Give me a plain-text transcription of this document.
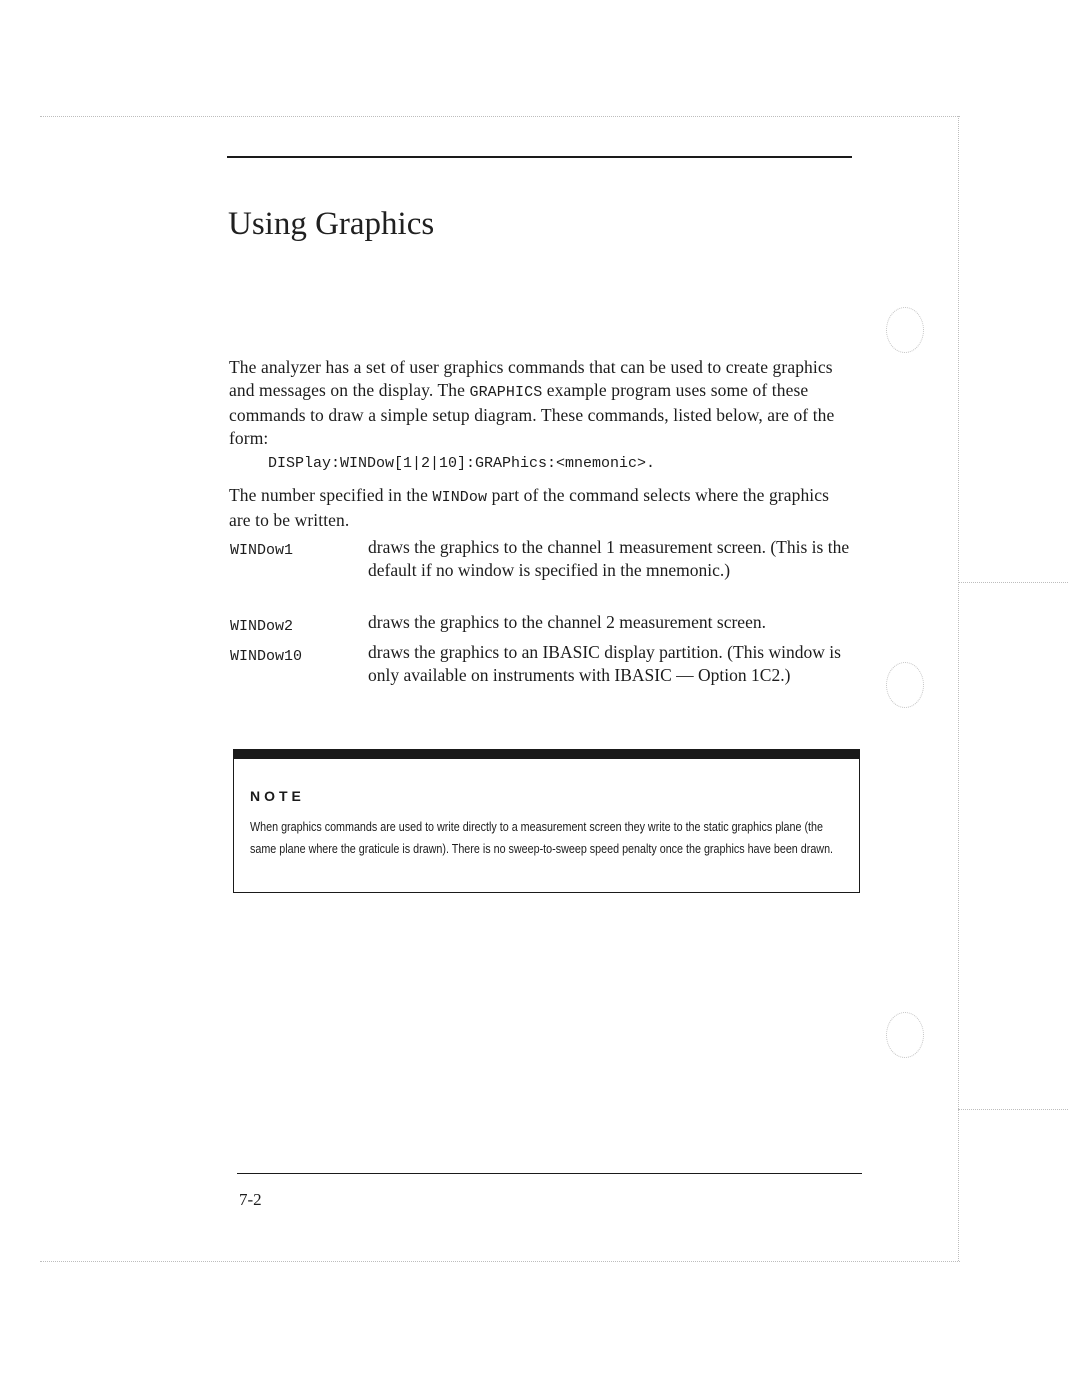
Using Graphics
The analyzer has a set of user graphics commands that can be used to create graphics and messages on the display. The GRAPHICS example program uses some of these commands to draw a simple setup diagram. These commands, listed below, are of the form:
DISPlay:WINDow[1|2|10]:GRAPhics:<mnemonic>.
The number specified in the WINDow part of the command selects where the graphics are to be written.
WINDow1	draws the graphics to the channel 1 measurement screen. (This is the default if no window is specified in the mnemonic.)
WINDow2	draws the graphics to the channel 2 measurement screen.
WINDow10	draws the graphics to an IBASIC display partition. (This window is only available on instruments with IBASIC — Option 1C2.)
NOTE
When graphics commands are used to write directly to a measurement screen they write to the static graphics plane (the same plane where the graticule is drawn). There is no sweep-to-sweep speed penalty once the graphics have been drawn.
7-2
